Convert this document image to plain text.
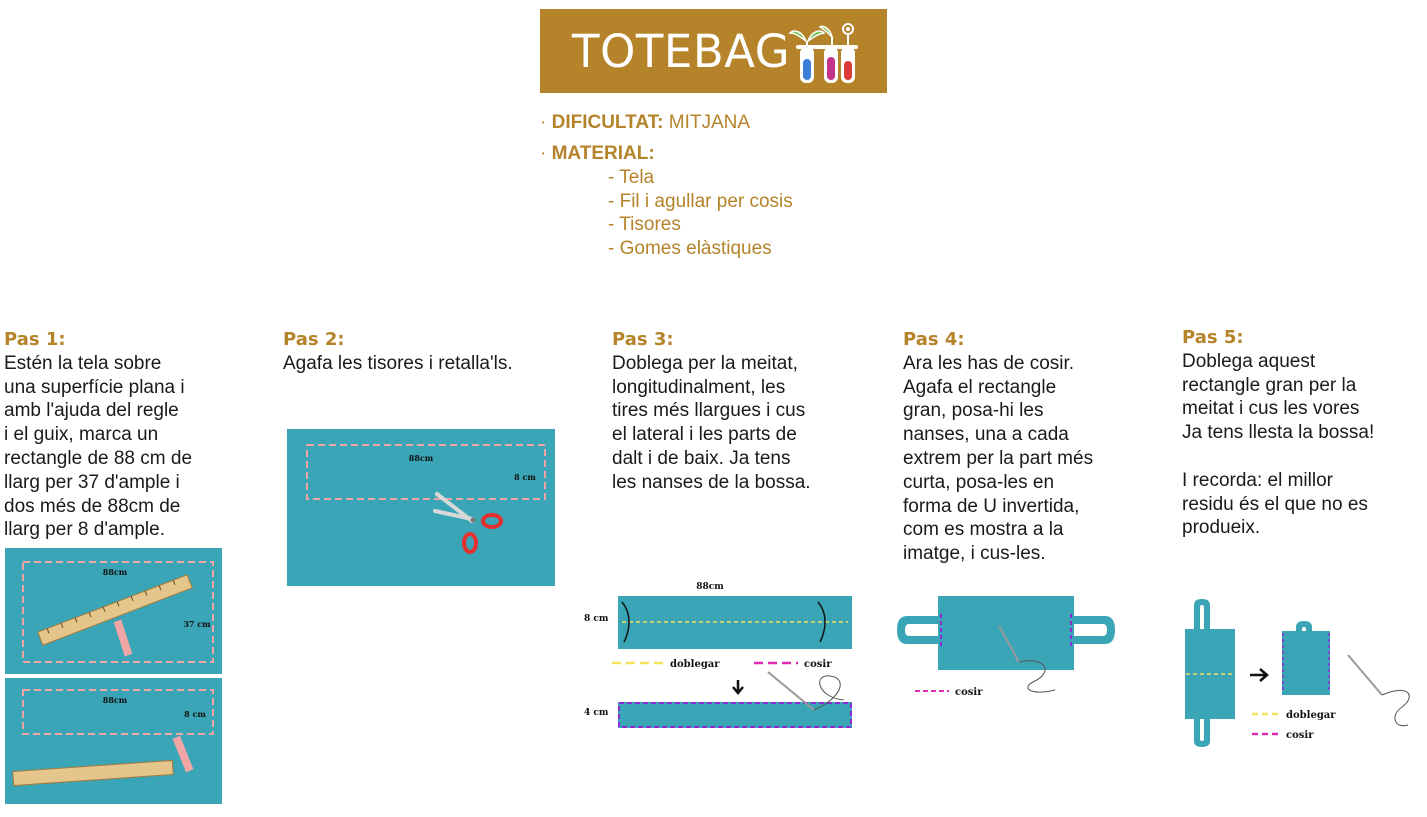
TOTEBAG
· DIFICULTAT: MITJANA
· MATERIAL:
- Tela
- Fil i agullar per cosis
- Tisores
- Gomes elàstiques
Pas 1:
Estén la tela sobre
una superfície plana i
amb l'ajuda del regle
i el guix, marca un
rectangle de 88 cm de
llarg per 37 d'ample i
dos més de 88cm de
llarg per 8 d'ample.
Pas 2:
Agafa les tisores i retalla'ls.
Pas 3:
Doblega per la meitat,
longitudinalment, les
tires més llargues i cus
el lateral i les parts de
dalt i de baix. Ja tens
les nanses de la bossa.
Pas 4:
Ara les has de cosir.
Agafa el rectangle
gran, posa-hi les
nanses, una a cada
extrem per la part més
curta, posa-les en
forma de U invertida,
com es mostra a la
imatge, i cus-les.
Pas 5:
Doblega aquest
rectangle gran per la
meitat i cus les vores
Ja tens llesta la bossa!

I recorda: el millor
residu és el que no es
produeix.
88cm
37 cm
88cm
8 cm
88cm
8 cm
88cm
8 cm
doblegar	cosir
4 cm
cosir
doblegar
cosir
